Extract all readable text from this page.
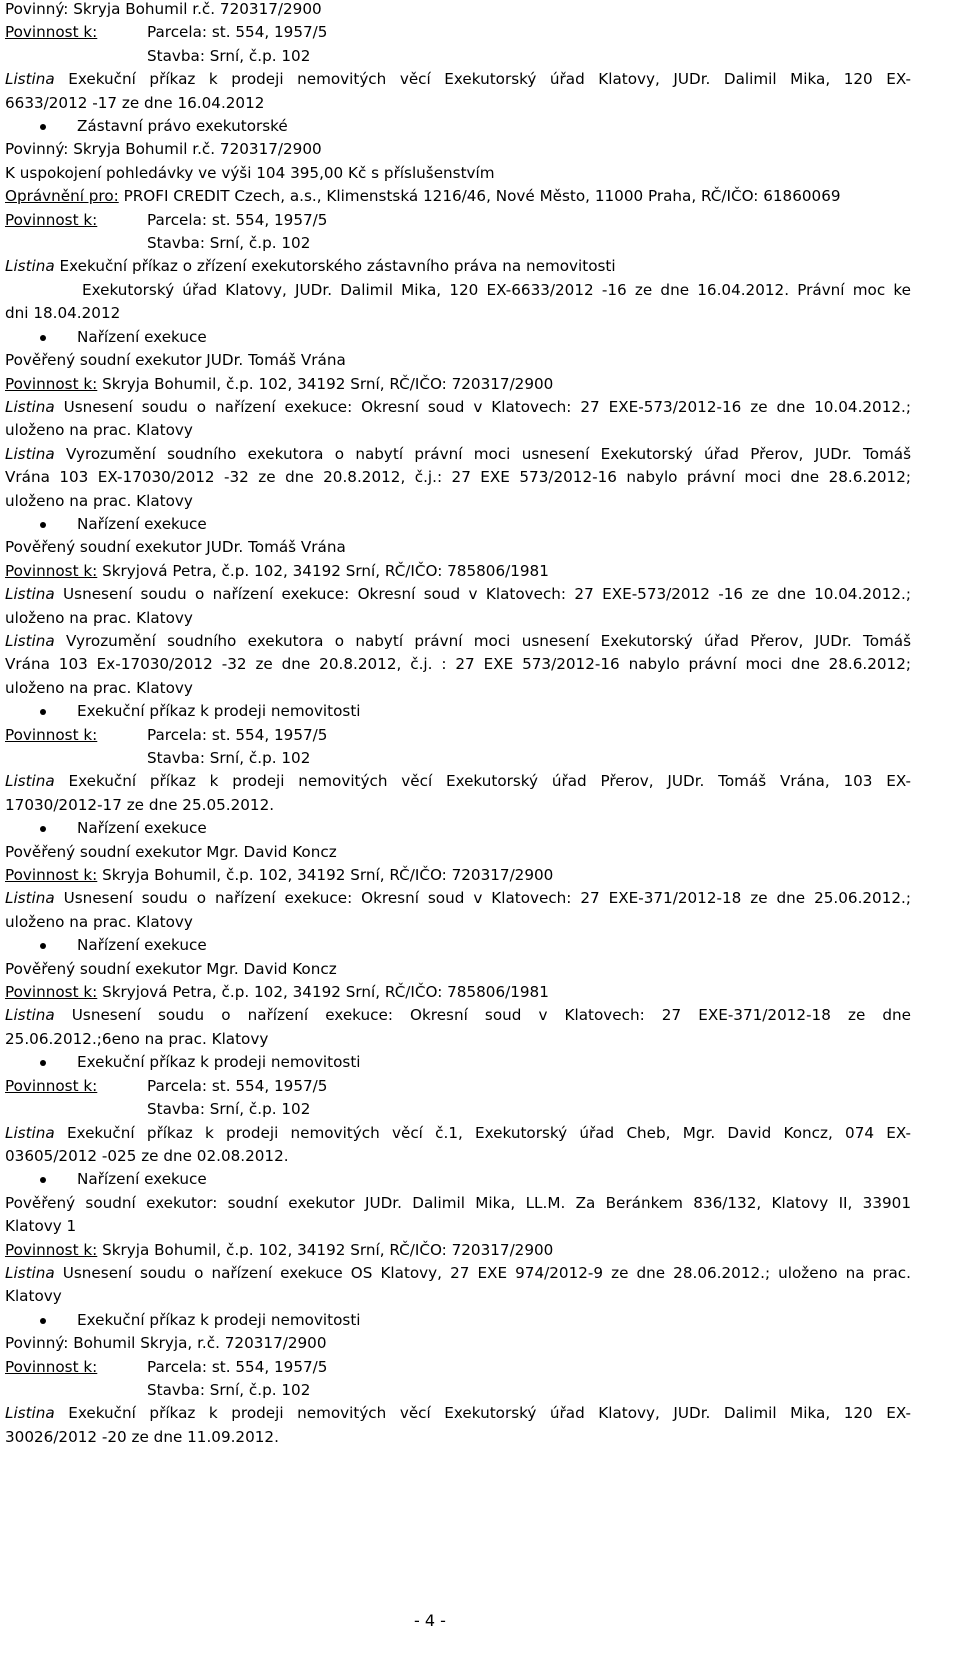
Povinný: Skryja Bohumil r.č. 720317/2900
Povinnost k:	Parcela: st. 554, 1957/5
Stavba: Srní, č.p. 102
Listina Exekuční příkaz k prodeji nemovitých věcí Exekutorský úřad Klatovy, JUDr. Dalimil Mika, 120 EX-
6633/2012 -17 ze dne 16.04.2012
Zástavní právo exekutorské
Povinný: Skryja Bohumil r.č. 720317/2900
K uspokojení pohledávky ve výši 104 395,00 Kč s příslušenstvím
Oprávnění pro: PROFI CREDIT Czech, a.s., Klimenstská 1216/46, Nové Město, 11000 Praha, RČ/IČO: 61860069
Povinnost k:	Parcela: st. 554, 1957/5
Stavba: Srní, č.p. 102
Listina Exekuční příkaz o zřízení exekutorského zástavního práva na nemovitosti
Exekutorský úřad Klatovy, JUDr. Dalimil Mika, 120 EX-6633/2012 -16 ze dne 16.04.2012. Právní moc ke
dni 18.04.2012
Nařízení exekuce
Pověřený soudní exekutor JUDr. Tomáš Vrána
Povinnost k: Skryja Bohumil, č.p. 102, 34192 Srní, RČ/IČO: 720317/2900
Listina Usnesení soudu o nařízení exekuce: Okresní soud v Klatovech: 27 EXE-573/2012-16 ze dne 10.04.2012.;
uloženo na prac. Klatovy
Listina Vyrozumění soudního exekutora o nabytí právní moci usnesení Exekutorský úřad Přerov, JUDr. Tomáš
Vrána 103 EX-17030/2012 -32 ze dne 20.8.2012, č.j.: 27 EXE 573/2012-16 nabylo právní moci dne 28.6.2012;
uloženo na prac. Klatovy
Nařízení exekuce
Pověřený soudní exekutor JUDr. Tomáš Vrána
Povinnost k: Skryjová Petra, č.p. 102, 34192 Srní, RČ/IČO: 785806/1981
Listina Usnesení soudu o nařízení exekuce: Okresní soud v Klatovech: 27 EXE-573/2012 -16 ze dne 10.04.2012.;
uloženo na prac. Klatovy
Listina Vyrozumění soudního exekutora o nabytí právní moci usnesení Exekutorský úřad Přerov, JUDr. Tomáš
Vrána 103 Ex-17030/2012 -32 ze dne 20.8.2012, č.j. : 27 EXE 573/2012-16 nabylo právní moci dne 28.6.2012;
uloženo na prac. Klatovy
Exekuční příkaz k prodeji nemovitosti
Povinnost k:	Parcela: st. 554, 1957/5
Stavba: Srní, č.p. 102
Listina Exekuční příkaz k prodeji nemovitých věcí Exekutorský úřad Přerov, JUDr. Tomáš Vrána, 103 EX-
17030/2012-17 ze dne 25.05.2012.
Nařízení exekuce
Pověřený soudní exekutor Mgr. David Koncz
Povinnost k: Skryja Bohumil, č.p. 102, 34192 Srní, RČ/IČO: 720317/2900
Listina Usnesení soudu o nařízení exekuce: Okresní soud v Klatovech: 27 EXE-371/2012-18 ze dne 25.06.2012.;
uloženo na prac. Klatovy
Nařízení exekuce
Pověřený soudní exekutor Mgr. David Koncz
Povinnost k: Skryjová Petra, č.p. 102, 34192 Srní, RČ/IČO: 785806/1981
Listina Usnesení soudu o nařízení exekuce: Okresní soud v Klatovech: 27 EXE-371/2012-18 ze dne
25.06.2012.;6eno na prac. Klatovy
Exekuční příkaz k prodeji nemovitosti
Povinnost k:	Parcela: st. 554, 1957/5
Stavba: Srní, č.p. 102
Listina Exekuční příkaz k prodeji nemovitých věcí č.1, Exekutorský úřad Cheb, Mgr. David Koncz, 074 EX-
03605/2012 -025 ze dne 02.08.2012.
Nařízení exekuce
Pověřený soudní exekutor: soudní exekutor JUDr. Dalimil Mika, LL.M. Za Beránkem 836/132, Klatovy II, 33901
Klatovy 1
Povinnost k: Skryja Bohumil, č.p. 102, 34192 Srní, RČ/IČO: 720317/2900
Listina Usnesení soudu o nařízení exekuce OS Klatovy, 27 EXE 974/2012-9 ze dne 28.06.2012.; uloženo na prac.
Klatovy
Exekuční příkaz k prodeji nemovitosti
Povinný: Bohumil Skryja, r.č. 720317/2900
Povinnost k:	Parcela: st. 554, 1957/5
Stavba: Srní, č.p. 102
Listina Exekuční příkaz k prodeji nemovitých věcí Exekutorský úřad Klatovy, JUDr. Dalimil Mika, 120 EX-
30026/2012 -20 ze dne 11.09.2012.
- 4 -
